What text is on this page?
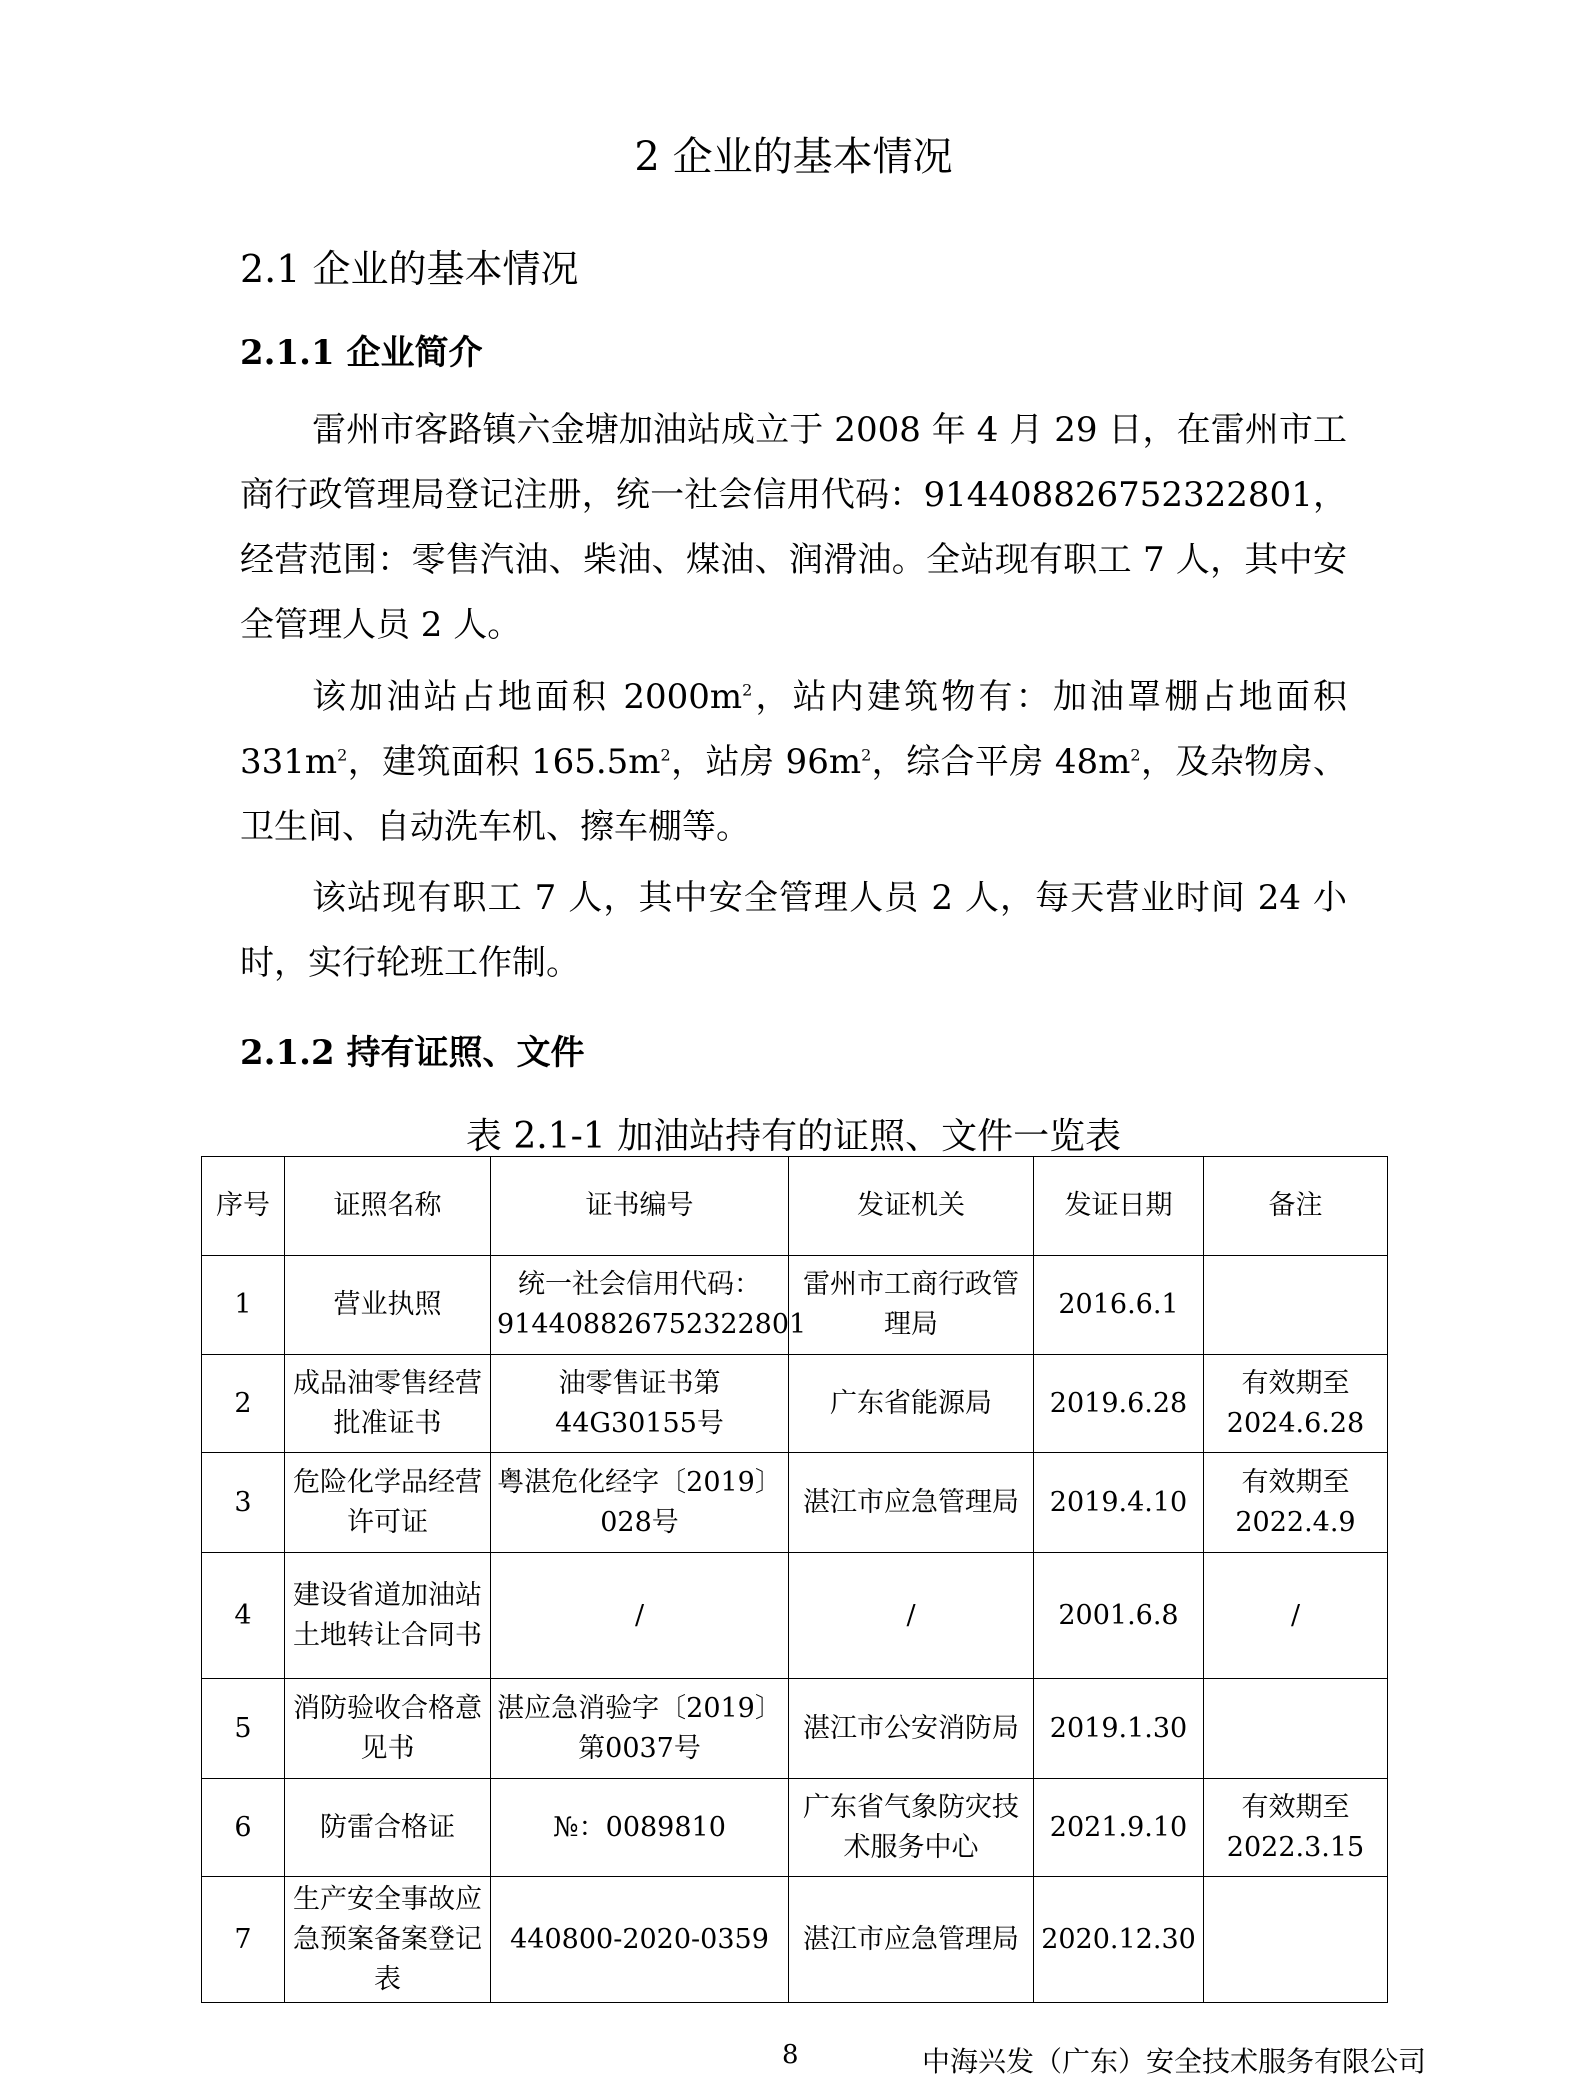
2 企业的基本情况
2.1 企业的基本情况
2.1.1 企业简介
雷州市客路镇六金塘加油站成立于 2008 年 4 月 29 日，在雷州市工商行政管理局登记注册，统一社会信用代码：91440882675232280​1，经营范围：零售汽油、柴油、煤油、润滑油。全站现有职工 7 人，其中安全管理人员 2 人。
该加油站占地面积 $2000m^2$，站内建筑物有：加油罩棚占地面积 $331m^2$，建筑面积 $165.5m^2$，站房 $96m^2$，综合平房 $48m^2$，及杂物房、卫生间、自动洗车机、擦车棚等。
该站现有职工 7 人，其中安全管理人员 2 人，每天营业时间 24 小时，实行轮班工作制。
2.1.2 持有证照、文件
表 2.1-1 加油站持有的证照、文件一览表
序号	证照名称	证书编号	发证机关	发证日期	备注
1	营业执照	统一社会信用代码：914408826752322801	雷州市工商行政管理局	2016.6.1	
2	成品油零售经营批准证书	油零售证书第44G30155号	广东省能源局	2019.6.28	有效期至2024.6.28
3	危险化学品经营许可证	粤湛危化经字〔2019〕028号	湛江市应急管理局	2019.4.10	有效期至2022.4.9
4	建设省道加油站土地转让合同书	/	/	2001.6.8	/
5	消防验收合格意见书	湛应急消验字〔2019〕第0037号	湛江市公安消防局	2019.1.30	
6	防雷合格证	№：0089810	广东省气象防灾技术服务中心	2021.9.10	有效期至2022.3.15
7	生产安全事故应急预案备案登记表	440800-2020-0359	湛江市应急管理局	2020.12.30	
8	中海兴发（广东）安全技术服务有限公司
